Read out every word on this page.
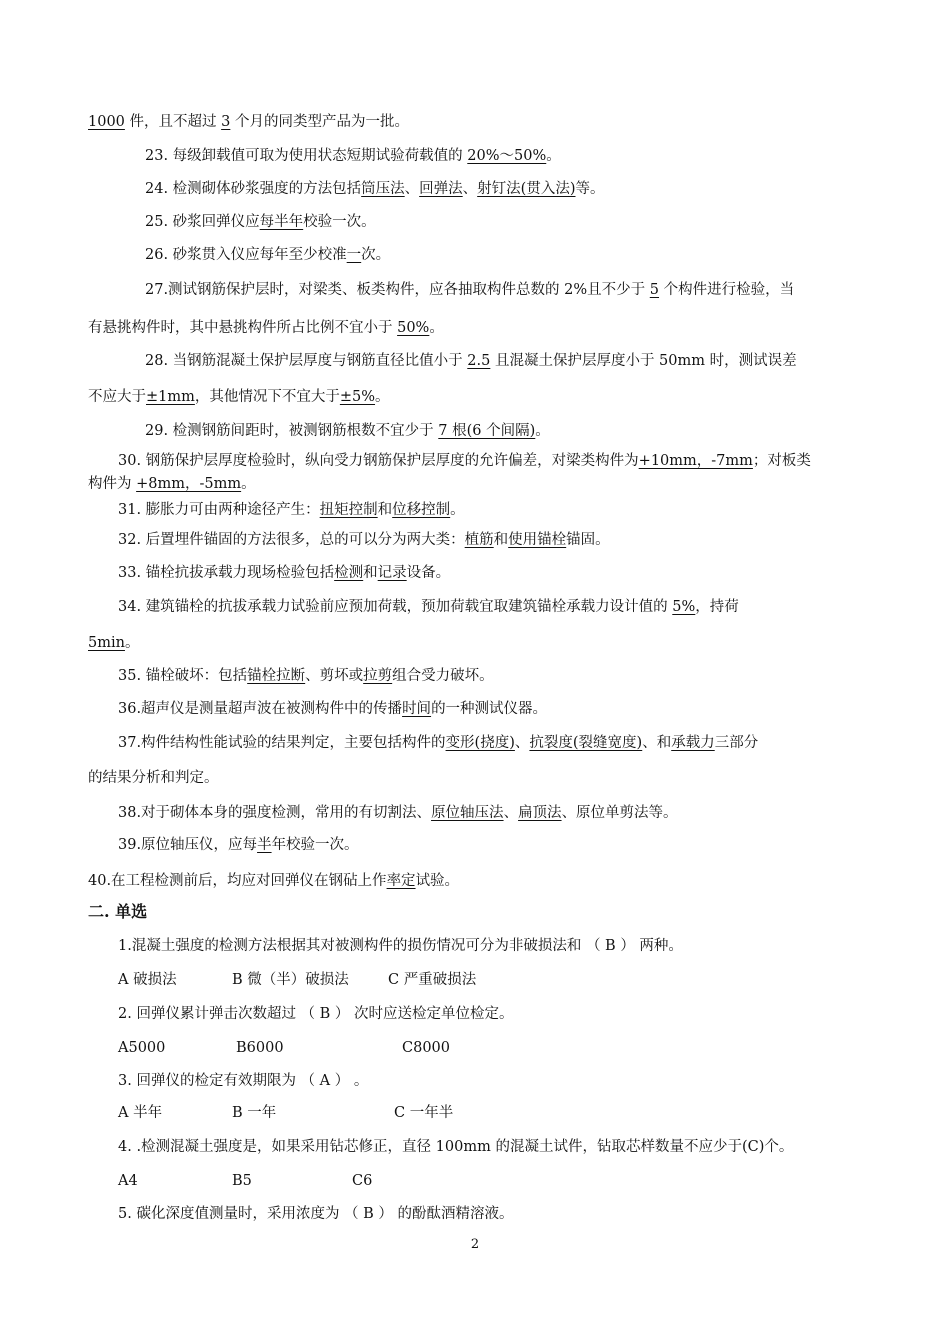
1000 件，且不超过 3 个月的同类型产品为一批。
23. 每级卸载值可取为使用状态短期试验荷载值的 20%～50%。
24. 检测砌体砂浆强度的方法包括筒压法、回弹法、射钉法(贯入法)等。
25. 砂浆回弹仪应每半年校验一次。
26. 砂浆贯入仪应每年至少校准一次。
27.测试钢筋保护层时，对梁类、板类构件，应各抽取构件总数的 2%且不少于 5 个构件进行检验，当
有悬挑构件时，其中悬挑构件所占比例不宜小于 50%。
28. 当钢筋混凝土保护层厚度与钢筋直径比值小于 2.5 且混凝土保护层厚度小于 50mm 时，测试误差
不应大于±1mm，其他情况下不宜大于±5%。
29. 检测钢筋间距时，被测钢筋根数不宜少于 7 根(6 个间隔)。
30. 钢筋保护层厚度检验时，纵向受力钢筋保护层厚度的允许偏差，对梁类构件为+10mm，-7mm；对板类
构件为 +8mm，-5mm。
31. 膨胀力可由两种途径产生：扭矩控制和位移控制。
32. 后置埋件锚固的方法很多，总的可以分为两大类：植筋和使用锚栓锚固。
33. 锚栓抗拔承载力现场检验包括检测和记录设备。
34. 建筑锚栓的抗拔承载力试验前应预加荷载，预加荷载宜取建筑锚栓承载力设计值的 5%，持荷
5min。
35. 锚栓破坏：包括锚栓拉断、剪坏或拉剪组合受力破坏。
36.超声仪是测量超声波在被测构件中的传播时间的一种测试仪器。
37.构件结构性能试验的结果判定，主要包括构件的变形(挠度)、抗裂度(裂缝宽度)、和承载力三部分
的结果分析和判定。
38.对于砌体本身的强度检测，常用的有切割法、原位轴压法、扁顶法、原位单剪法等。
39.原位轴压仪，应每半年校验一次。
40.在工程检测前后，均应对回弹仪在钢砧上作率定试验。
二. 单选
1.混凝土强度的检测方法根据其对被测构件的损伤情况可分为非破损法和 （ B ） 两种。
A 破损法	B 微（半）破损法	C 严重破损法
2. 回弹仪累计弹击次数超过 （ B ） 次时应送检定单位检定。
A5000	B6000	C8000
3. 回弹仪的检定有效期限为 （ A ） 。
A 半年	B 一年	C 一年半
4. .检测混凝土强度是，如果采用钻芯修正，直径 100mm 的混凝土试件，钻取芯样数量不应少于(C)个。
A4	B5	C6
5. 碳化深度值测量时，采用浓度为 （ B ） 的酚酞酒精溶液。
2
